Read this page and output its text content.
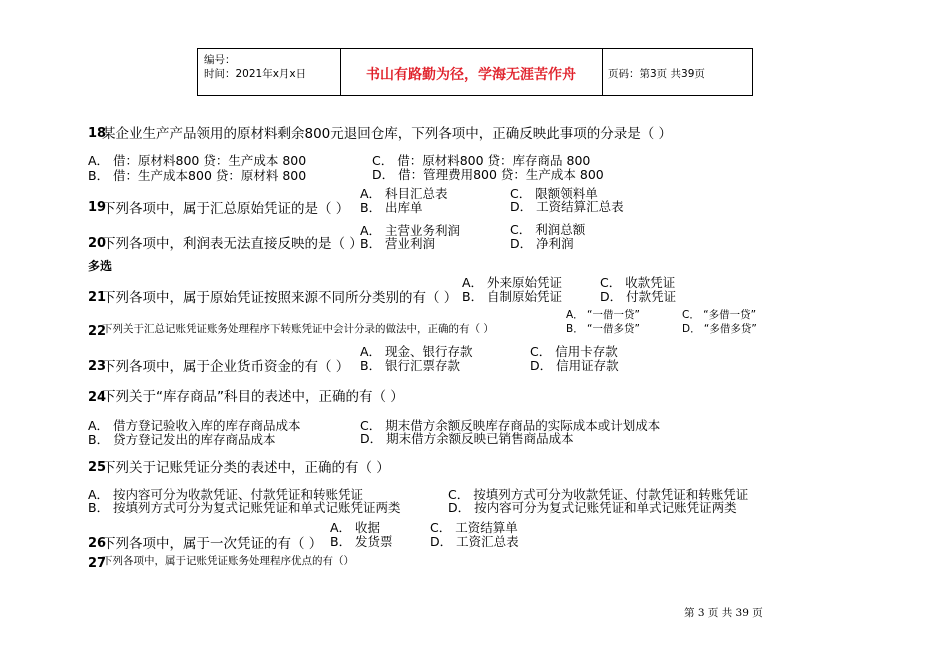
编号：
时间：2021年x月x日	书山有路勤为径，学海无涯苦作舟	页码：第3页 共39页
18
某企业生产产品领用的原材料剩余800元退回仓库，下列各项中，正确反映此事项的分录是（ ）
A． 借：原材料800 贷：生产成本 800	C． 借：原材料800 贷：库存商品 800
B． 借：生产成本800 贷：原材料 800	D． 借：管理费用800 贷：生产成本 800
A． 科目汇总表	C． 限额领料单
19
下列各项中，属于汇总原始凭证的是（ ） B． 出库单	D． 工资结算汇总表
A． 主营业务利润	C． 利润总额
20
下列各项中，利润表无法直接反映的是（ ）
B． 营业利润	D． 净利润
多选
A． 外来原始凭证	C． 收款凭证
21
下列各项中，属于原始凭证按照来源不同所分类别的有（ ） B． 自制原始凭证	D． 付款凭证
A． “一借一贷”	C． “多借一贷”
22
下列关于汇总记账凭证账务处理程序下转账凭证中会计分录的做法中，正确的有（ ）	B． “一借多贷”	D． “多借多贷”
A． 现金、银行存款	C． 信用卡存款
23
下列各项中，属于企业货币资金的有（ ） B． 银行汇票存款	D． 信用证存款
24
下列关于“库存商品”科目的表述中，正确的有（ ）
A． 借方登记验收入库的库存商品成本	C． 期末借方余额反映库存商品的实际成本或计划成本
B． 贷方登记发出的库存商品成本	D． 期末借方余额反映已销售商品成本
25
下列关于记账凭证分类的表述中，正确的有（ ）
A． 按内容可分为收款凭证、付款凭证和转账凭证	C． 按填列方式可分为收款凭证、付款凭证和转账凭证
B． 按填列方式可分为复式记账凭证和单式记账凭证两类	D． 按内容可分为复式记账凭证和单式记账凭证两类
A． 收据	C． 工资结算单
26
下列各项中，属于一次凭证的有（ ） B． 发货票	D． 工资汇总表
27
下列各项中，属于记账凭证账务处理程序优点的有（）
第 3 页 共 39 页
